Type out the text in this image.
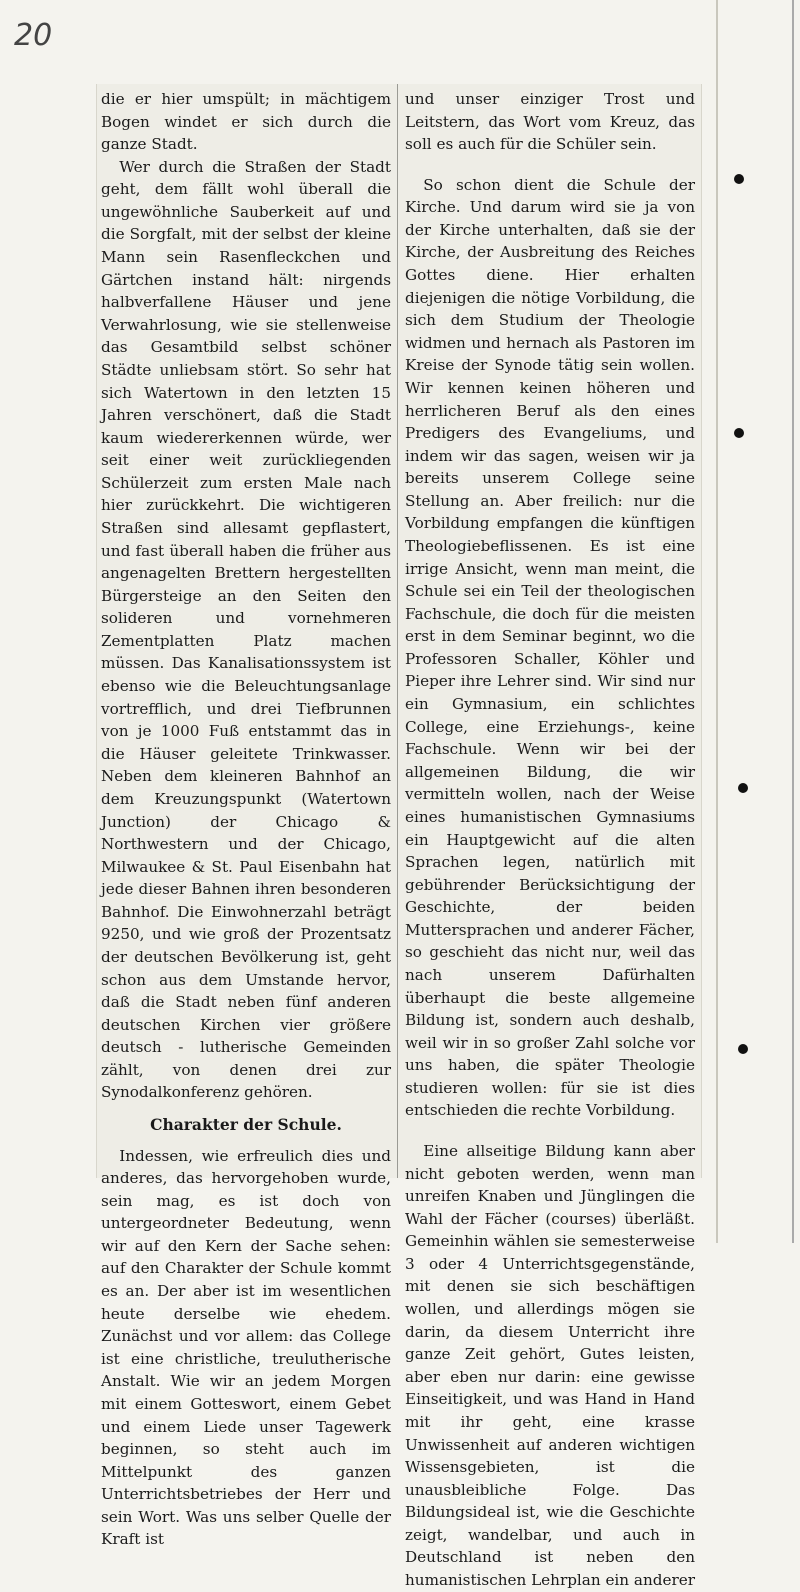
20

die er hier umspült; in mächtigem Bogen windet er sich durch die ganze Stadt.

Wer durch die Straßen der Stadt geht, dem fällt wohl überall die ungewöhnliche Sauberkeit auf und die Sorgfalt, mit der selbst der kleine Mann sein Rasenfleckchen und Gärtchen instand hält: nirgends halbverfallene Häuser und jene Verwahrlosung, wie sie stellenweise das Gesamtbild selbst schöner Städte unliebsam stört. So sehr hat sich Watertown in den letzten 15 Jahren verschönert, daß die Stadt kaum wiedererkennen würde, wer seit einer weit zurückliegenden Schülerzeit zum ersten Male nach hier zurückkehrt. Die wichtigeren Straßen sind allesamt gepflastert, und fast überall haben die früher aus angenagelten Brettern hergestellten Bürgersteige an den Seiten den solideren und vornehmeren Zementplatten Platz machen müssen. Das Kanalisationssystem ist ebenso wie die Beleuchtungsanlage vortrefflich, und drei Tiefbrunnen von je 1000 Fuß entstammt das in die Häuser geleitete Trinkwasser. Neben dem kleineren Bahnhof an dem Kreuzungspunkt (Watertown Junction) der Chicago & Northwestern und der Chicago, Milwaukee & St. Paul Eisenbahn hat jede dieser Bahnen ihren besonderen Bahnhof. Die Einwohnerzahl beträgt 9250, und wie groß der Prozentsatz der deutschen Bevölkerung ist, geht schon aus dem Umstande hervor, daß die Stadt neben fünf anderen deutschen Kirchen vier größere deutsch - lutherische Gemeinden zählt, von denen drei zur Synodalkonferenz gehören.

Charakter der Schule.

Indessen, wie erfreulich dies und anderes, das hervorgehoben wurde, sein mag, es ist doch von untergeordneter Bedeutung, wenn wir auf den Kern der Sache sehen: auf den Charakter der Schule kommt es an. Der aber ist im wesentlichen heute derselbe wie ehedem. Zunächst und vor allem: das College ist eine christliche, treulutherische Anstalt. Wie wir an jedem Morgen mit einem Gotteswort, einem Gebet und einem Liede unser Tagewerk beginnen, so steht auch im Mittelpunkt des ganzen Unterrichtsbetriebes der Herr und sein Wort. Was uns selber Quelle der Kraft ist

und unser einziger Trost und Leitstern, das Wort vom Kreuz, das soll es auch für die Schüler sein.

So schon dient die Schule der Kirche. Und darum wird sie ja von der Kirche unterhalten, daß sie der Kirche, der Ausbreitung des Reiches Gottes diene. Hier erhalten diejenigen die nötige Vorbildung, die sich dem Studium der Theologie widmen und hernach als Pastoren im Kreise der Synode tätig sein wollen. Wir kennen keinen höheren und herrlicheren Beruf als den eines Predigers des Evangeliums, und indem wir das sagen, weisen wir ja bereits unserem College seine Stellung an. Aber freilich: nur die Vorbildung empfangen die künftigen Theologiebeflissenen. Es ist eine irrige Ansicht, wenn man meint, die Schule sei ein Teil der theologischen Fachschule, die doch für die meisten erst in dem Seminar beginnt, wo die Professoren Schaller, Köhler und Pieper ihre Lehrer sind. Wir sind nur ein Gymnasium, ein schlichtes College, eine Erziehungs-, keine Fachschule. Wenn wir bei der allgemeinen Bildung, die wir vermitteln wollen, nach der Weise eines humanistischen Gymnasiums ein Hauptgewicht auf die alten Sprachen legen, natürlich mit gebührender Berücksichtigung der Geschichte, der beiden Muttersprachen und anderer Fächer, so geschieht das nicht nur, weil das nach unserem Dafürhalten überhaupt die beste allgemeine Bildung ist, sondern auch deshalb, weil wir in so großer Zahl solche vor uns haben, die später Theologie studieren wollen: für sie ist dies entschieden die rechte Vorbildung.

Eine allseitige Bildung kann aber nicht geboten werden, wenn man unreifen Knaben und Jünglingen die Wahl der Fächer (courses) überläßt. Gemeinhin wählen sie semesterweise 3 oder 4 Unterrichtsgegenstände, mit denen sie sich beschäftigen wollen, und allerdings mögen sie darin, da diesem Unterricht ihre ganze Zeit gehört, Gutes leisten, aber eben nur darin: eine gewisse Einseitigkeit, und was Hand in Hand mit ihr geht, eine krasse Unwissenheit auf anderen wichtigen Wissensgebieten, ist die unausbleibliche Folge. Das Bildungsideal ist, wie die Geschichte zeigt, wandelbar, und auch in Deutschland ist neben den humanistischen Lehrplan ein anderer
